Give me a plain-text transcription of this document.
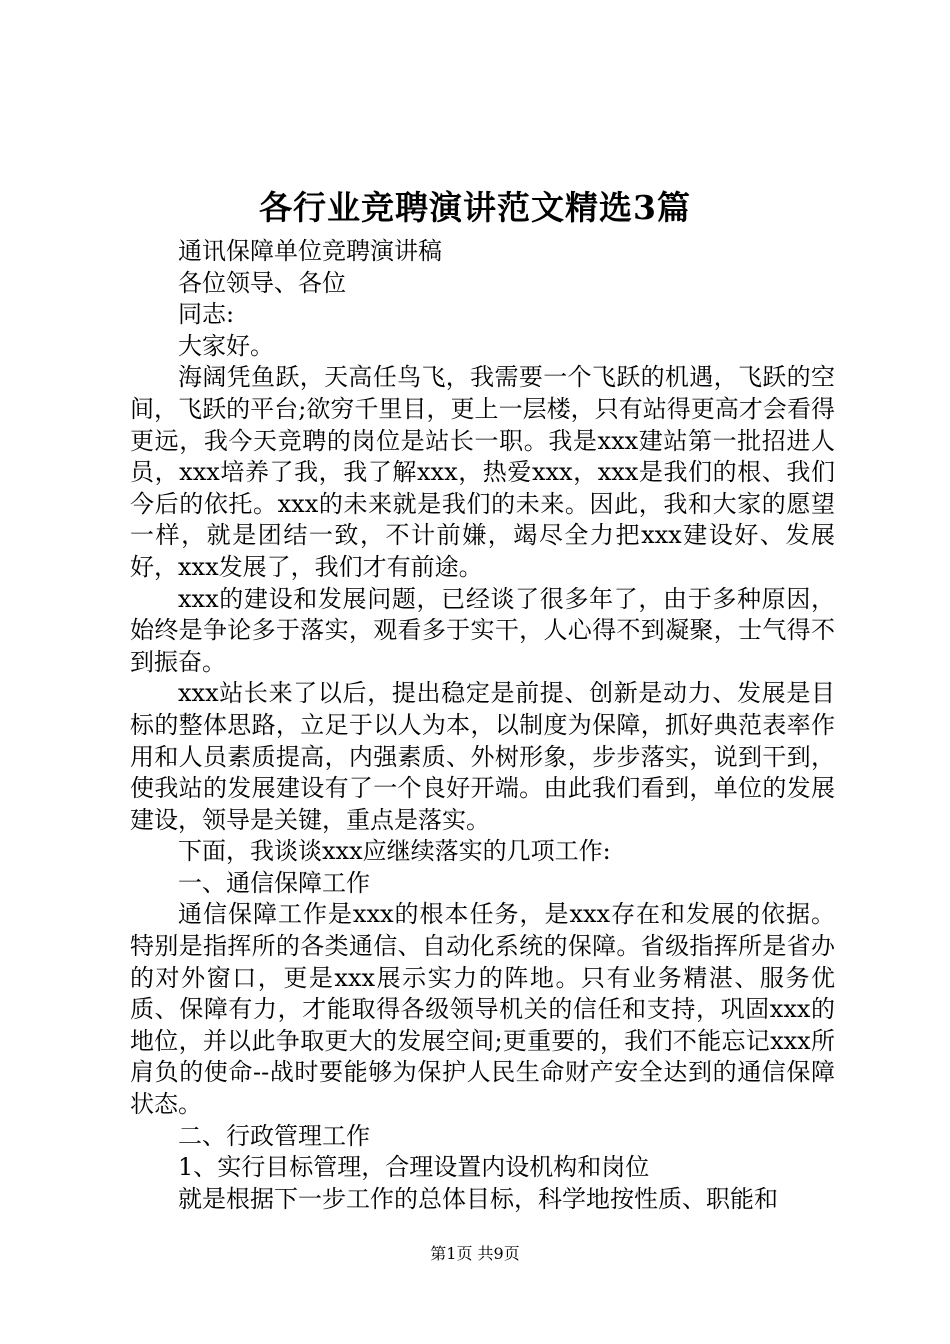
各行业竞聘演讲范文精选3篇

通讯保障单位竞聘演讲稿

各位领导、各位

同志:

大家好。

海阔凭鱼跃，天高任鸟飞，我需要一个飞跃的机遇，飞跃的空间，飞跃的平台;欲穷千里目，更上一层楼，只有站得更高才会看得更远，我今天竞聘的岗位是站长一职。我是xxx建站第一批招进人员，xxx培养了我，我了解xxx，热爱xxx，xxx是我们的根、我们今后的依托。xxx的未来就是我们的未来。因此，我和大家的愿望一样，就是团结一致，不计前嫌，竭尽全力把xxx建设好、发展好，xxx发展了，我们才有前途。

xxx的建设和发展问题，已经谈了很多年了，由于多种原因，始终是争论多于落实，观看多于实干，人心得不到凝聚，士气得不到振奋。

xxx站长来了以后，提出稳定是前提、创新是动力、发展是目标的整体思路，立足于以人为本，以制度为保障，抓好典范表率作用和人员素质提高，内强素质、外树形象，步步落实，说到干到，使我站的发展建设有了一个良好开端。由此我们看到，单位的发展建设，领导是关键，重点是落实。

下面，我谈谈xxx应继续落实的几项工作:

一、通信保障工作

通信保障工作是xxx的根本任务，是xxx存在和发展的依据。特别是指挥所的各类通信、自动化系统的保障。省级指挥所是省办的对外窗口，更是xxx展示实力的阵地。只有业务精湛、服务优质、保障有力，才能取得各级领导机关的信任和支持，巩固xxx的地位，并以此争取更大的发展空间;更重要的，我们不能忘记xxx所肩负的使命--战时要能够为保护人民生命财产安全达到的通信保障状态。

二、行政管理工作

1、实行目标管理，合理设置内设机构和岗位

就是根据下一步工作的总体目标，科学地按性质、职能和

第1页 共9页
